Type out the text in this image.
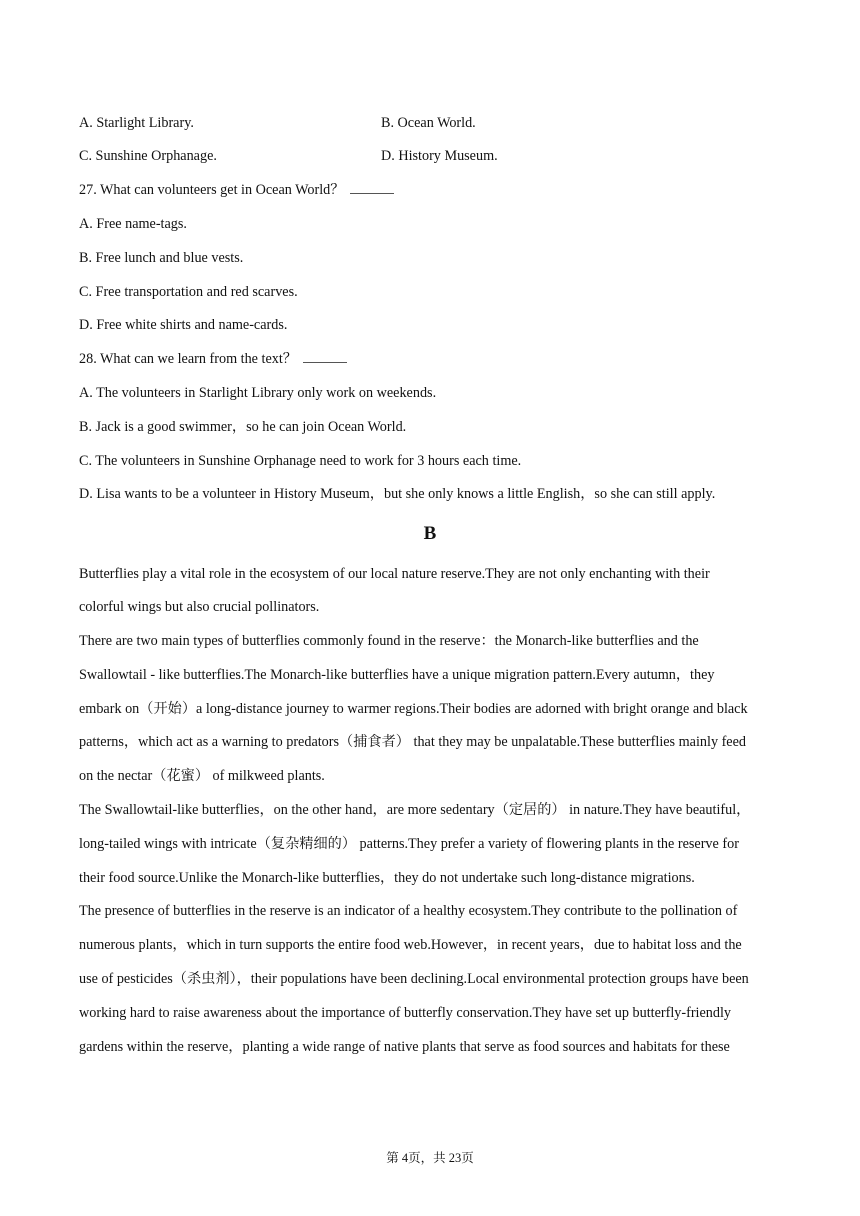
A. Starlight Library.	B. Ocean World.
C. Sunshine Orphanage.	D. History Museum.
27. What can volunteers get in Ocean World？
A. Free name-tags.
B. Free lunch and blue vests.
C. Free transportation and red scarves.
D. Free white shirts and name-cards.
28. What can we learn from the text？
A. The volunteers in Starlight Library only work on weekends.
B. Jack is a good swimmer，so he can join Ocean World.
C. The volunteers in Sunshine Orphanage need to work for 3 hours each time.
D. Lisa wants to be a volunteer in History Museum，but she only knows a little English，so she can still apply.
B
Butterflies play a vital role in the ecosystem of our local nature reserve.They are not only enchanting with their
colorful wings but also crucial pollinators.
There are two main types of butterflies commonly found in the reserve：the Monarch-like butterflies and the
Swallowtail - like butterflies.The Monarch-like butterflies have a unique migration pattern.Every autumn，they
embark on（开始）a long-distance journey to warmer regions.Their bodies are adorned with bright orange and black
patterns，which act as a warning to predators（捕食者） that they may be unpalatable.These butterflies mainly feed
on the nectar（花蜜） of milkweed plants.
The Swallowtail-like butterflies，on the other hand，are more sedentary（定居的） in nature.They have beautiful，
long-tailed wings with intricate（复杂精细的） patterns.They prefer a variety of flowering plants in the reserve for
their food source.Unlike the Monarch-like butterflies，they do not undertake such long-distance migrations.
The presence of butterflies in the reserve is an indicator of a healthy ecosystem.They contribute to the pollination of
numerous plants，which in turn supports the entire food web.However，in recent years，due to habitat loss and the
use of pesticides（杀虫剂），their populations have been declining.Local environmental protection groups have been
working hard to raise awareness about the importance of butterfly conservation.They have set up butterfly-friendly
gardens within the reserve，planting a wide range of native plants that serve as food sources and habitats for these
第 4页，共 23页
